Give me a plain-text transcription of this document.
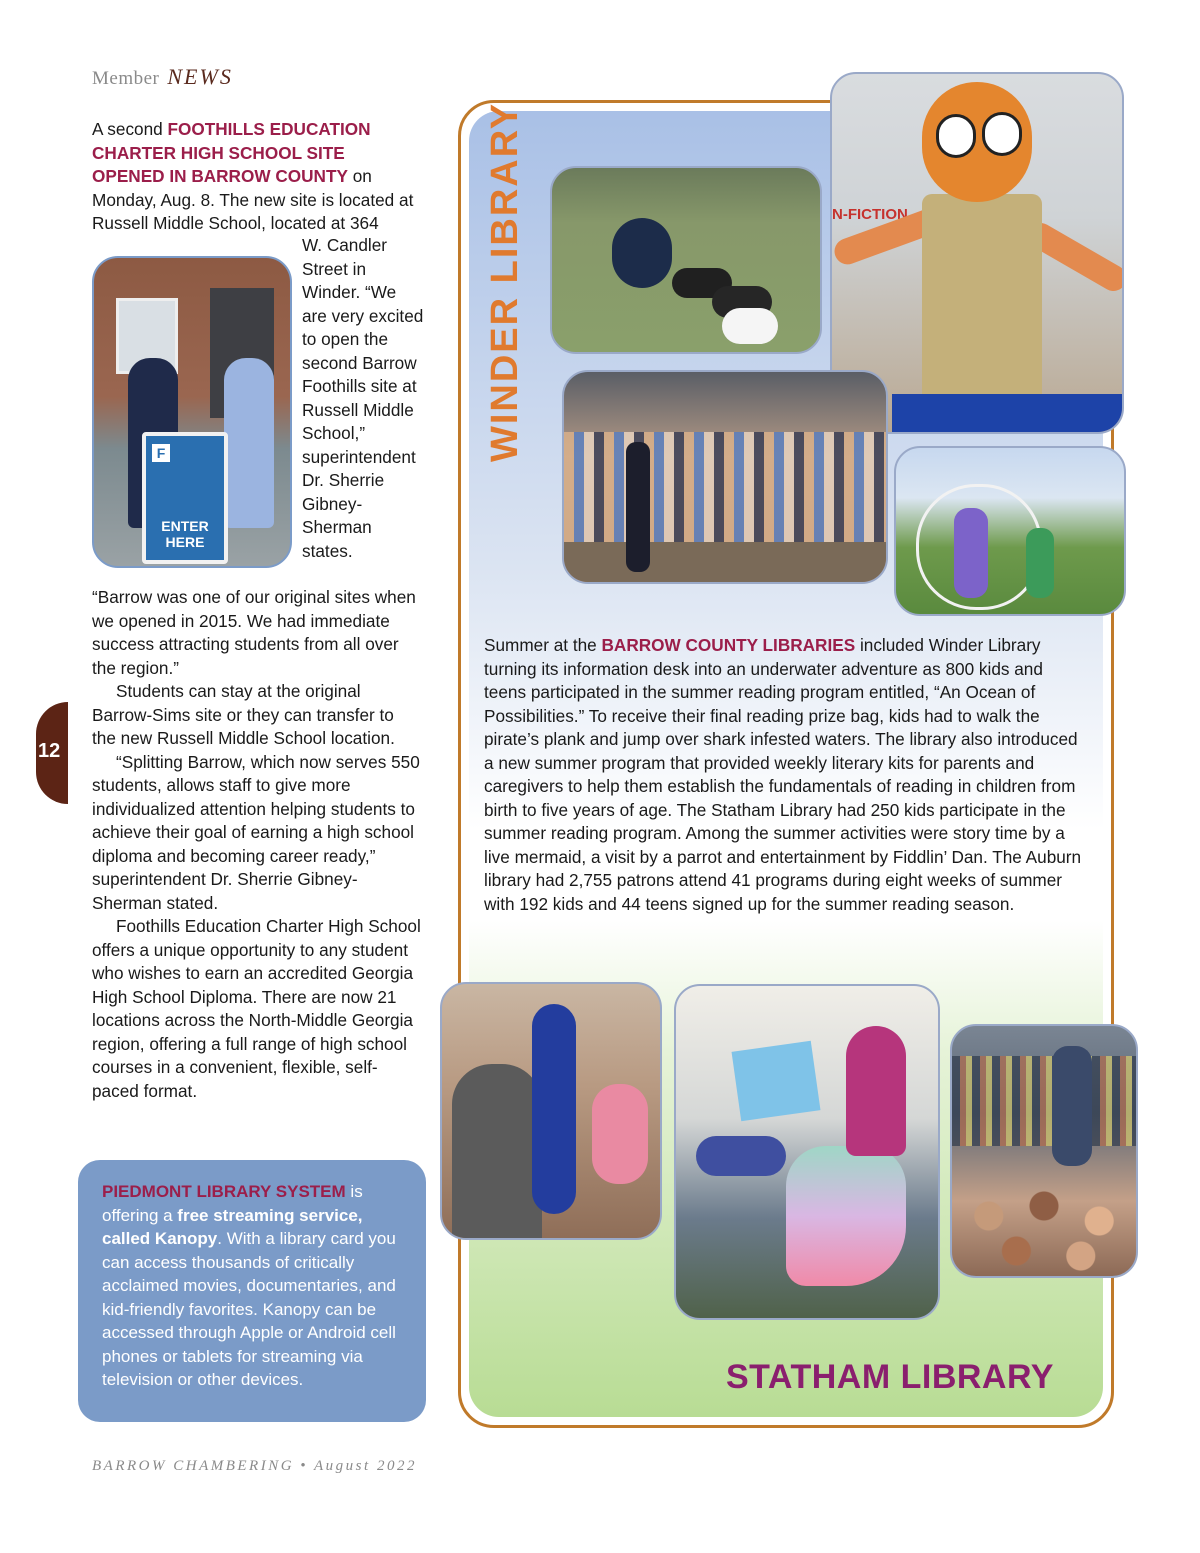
Member NEWS
12

A second FOOTHILLS EDUCATION CHARTER HIGH SCHOOL SITE OPENED IN BARROW COUNTY on Monday, Aug. 8. The new site is located at Russell Middle School, located at 364

F
ENTER HERE

W. Candler Street in Winder. “We are very excited to open the second Barrow Foothills site at Russell Middle School,” superintendent Dr. Sherrie Gibney-Sherman states.

“Barrow was one of our original sites when we opened in 2015. We had immediate success attracting students from all over the region.”

Students can stay at the original Barrow-Sims site or they can transfer to the new Russell Middle School location.

“Splitting Barrow, which now serves 550 students, allows staff to give more individualized attention helping students to achieve their goal of earning a high school diploma and becoming career ready,” superintendent Dr. Sherrie Gibney-Sherman stated.

Foothills Education Charter High School offers a unique opportunity to any student who wishes to earn an accredited Georgia High School Diploma. There are now 21 locations across the North-Middle Georgia region, offering a full range of high school courses in a convenient, flexible, self-paced format.

PIEDMONT LIBRARY SYSTEM is offering a free streaming service, called Kanopy. With a library card you can access thousands of critically acclaimed movies, documentaries, and kid-friendly favorites. Kanopy can be accessed through Apple or Android cell phones or tablets for streaming via television or other devices.
BARROW CHAMBERING • August 2022
WINDER LIBRARY	N-FICTION
Summer at the BARROW COUNTY LIBRARIES included Winder Library turning its information desk into an underwater adventure as 800 kids and teens participated in the summer reading program entitled, “An Ocean of Possibilities.” To receive their final reading prize bag, kids had to walk the pirate’s plank and jump over shark infested waters. The library also introduced a new summer program that provided weekly literary kits for parents and caregivers to help them establish the fundamentals of reading in children from birth to five years of age. The Statham Library had 250 kids participate in the summer reading program. Among the summer activities were story time by a live mermaid, a visit by a parrot and entertainment by Fiddlin’ Dan. The Auburn library had 2,755 patrons attend 41 programs during eight weeks of summer with 192 kids and 44 teens signed up for the summer reading season.
STATHAM LIBRARY
